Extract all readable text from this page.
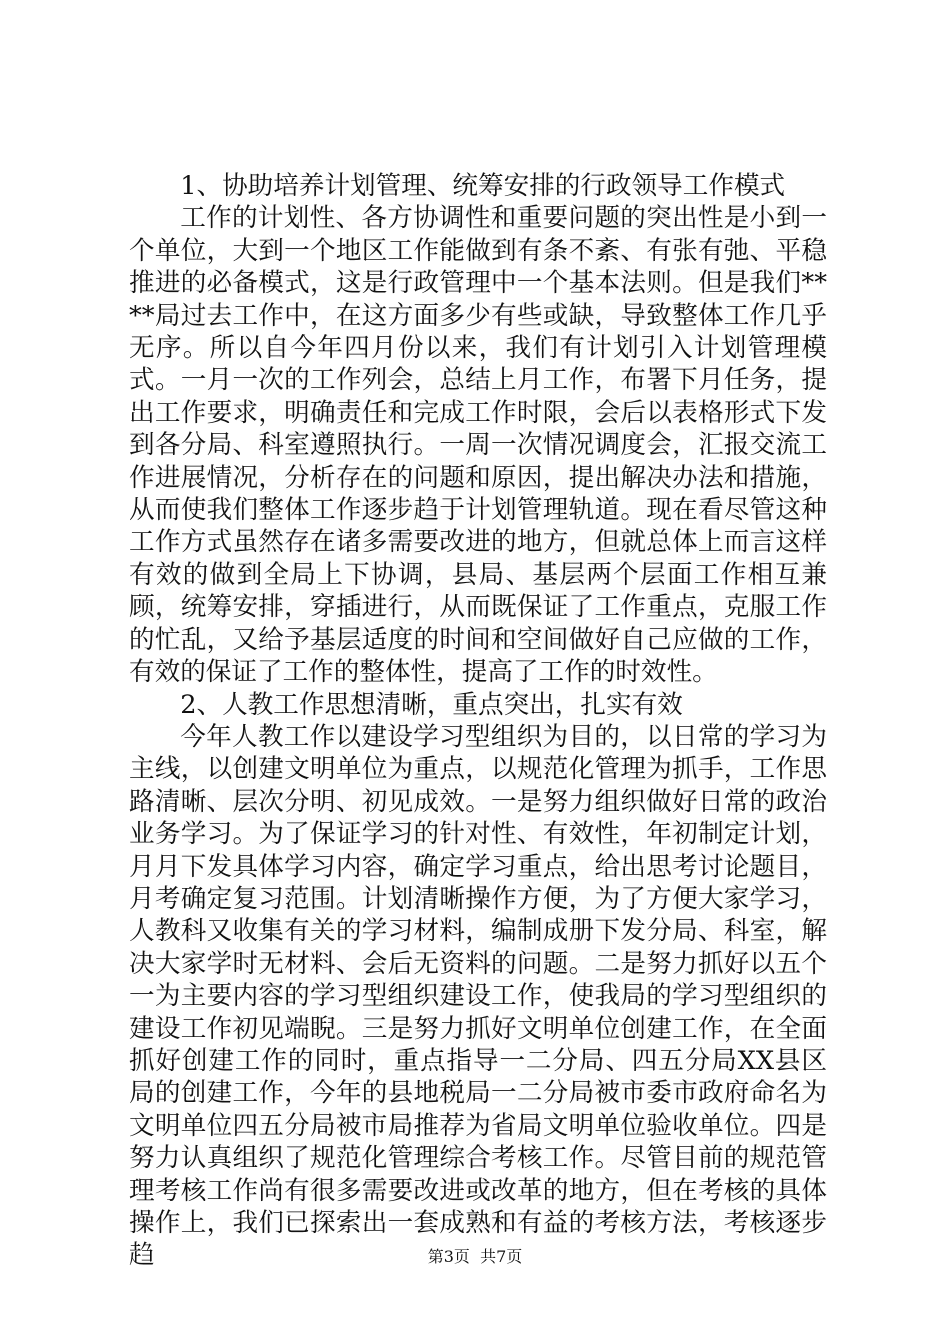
1、协助培养计划管理、统筹安排的行政领导工作模式

工作的计划性、各方协调性和重要问题的突出性是小到一个单位，大到一个地区工作能做到有条不紊、有张有弛、平稳推进的必备模式，这是行政管理中一个基本法则。但是我们****局过去工作中，在这方面多少有些或缺，导致整体工作几乎无序。所以自今年四月份以来，我们有计划引入计划管理模式。一月一次的工作列会，总结上月工作，布署下月任务，提出工作要求，明确责任和完成工作时限，会后以表格形式下发到各分局、科室遵照执行。一周一次情况调度会，汇报交流工作进展情况，分析存在的问题和原因，提出解决办法和措施，从而使我们整体工作逐步趋于计划管理轨道。现在看尽管这种工作方式虽然存在诸多需要改进的地方，但就总体上而言这样有效的做到全局上下协调，县局、基层两个层面工作相互兼顾，统筹安排，穿插进行，从而既保证了工作重点，克服工作的忙乱，又给予基层适度的时间和空间做好自己应做的工作，有效的保证了工作的整体性，提高了工作的时效性。

2、人教工作思想清晰，重点突出，扎实有效

今年人教工作以建设学习型组织为目的，以日常的学习为主线，以创建文明单位为重点，以规范化管理为抓手，工作思路清晰、层次分明、初见成效。一是努力组织做好日常的政治业务学习。为了保证学习的针对性、有效性，年初制定计划，月月下发具体学习内容，确定学习重点，给出思考讨论题目，月考确定复习范围。计划清晰操作方便，为了方便大家学习，人教科又收集有关的学习材料，编制成册下发分局、科室，解决大家学时无材料、会后无资料的问题。二是努力抓好以五个一为主要内容的学习型组织建设工作，使我局的学习型组织的建设工作初见端睨。三是努力抓好文明单位创建工作，在全面抓好创建工作的同时，重点指导一二分局、四五分局XX县区局的创建工作，今年的县地税局一二分局被市委市政府命名为文明单位四五分局被市局推荐为省局文明单位验收单位。四是努力认真组织了规范化管理综合考核工作。尽管目前的规范管理考核工作尚有很多需要改进或改革的地方，但在考核的具体操作上，我们已探索出一套成熟和有益的考核方法，考核逐步趋	第3页  共7页
